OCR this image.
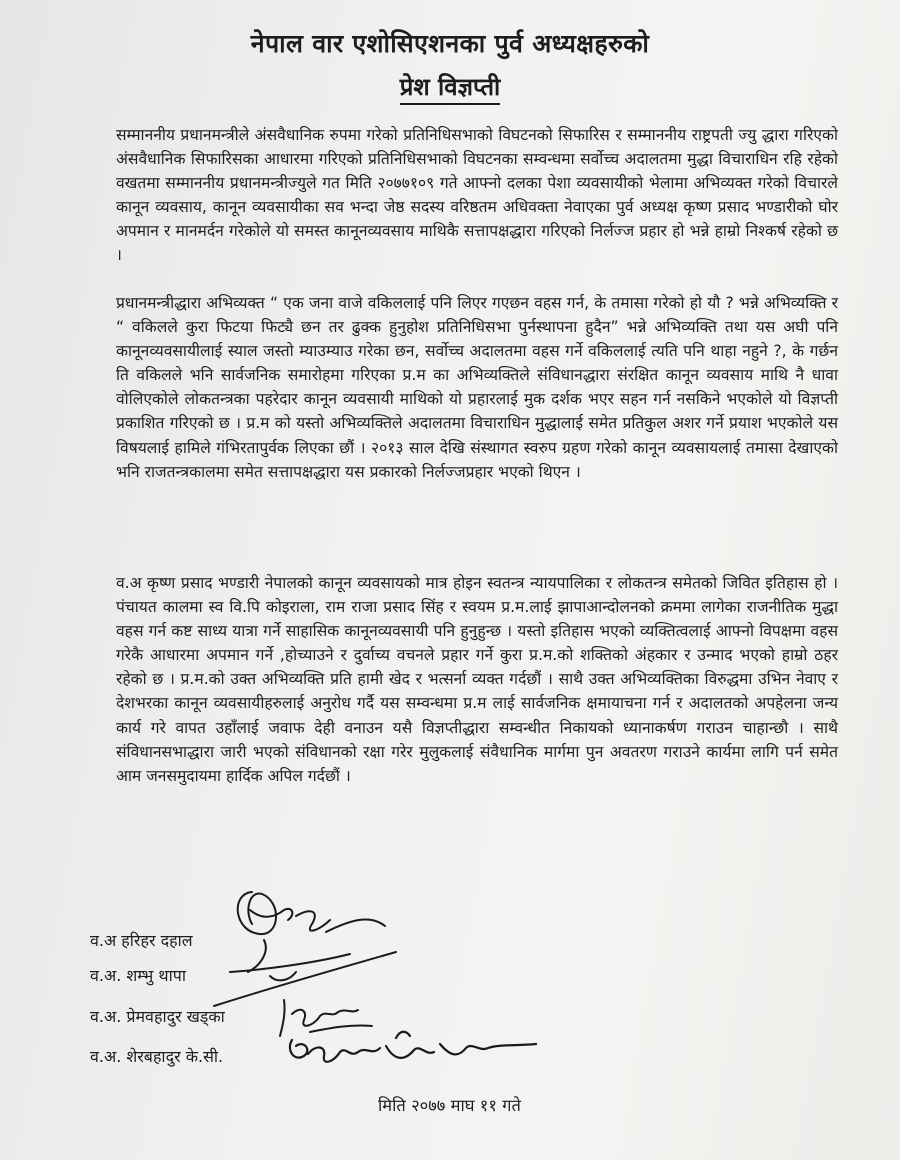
नेपाल वार एशोसिएशनका पुर्व अध्यक्षहरुको
प्रेश विज्ञप्ती

सम्माननीय प्रधानमन्त्रीले अंसवैधानिक रुपमा गरेको प्रतिनिधिसभाको विघटनको सिफारिस र सम्माननीय राष्ट्रपती ज्यु द्धारा गरिएको अंसवैधानिक सिफारिसका आधारमा गरिएको प्रतिनिधिसभाको विघटनका सम्वन्धमा सर्वोच्च अदालतमा मुद्धा विचाराधिन रहि रहेको वखतमा सम्माननीय प्रधानमन्त्रीज्युले गत मिति २०७७१०९ गते आफ्नो दलका पेशा व्यवसायीको भेलामा अभिव्यक्त गरेको विचारले कानून व्यवसाय, कानून व्यवसायीका सव भन्दा जेष्ठ सदस्य वरिष्ठतम अधिवक्ता नेवाएका पुर्व अध्यक्ष कृष्ण प्रसाद भण्डारीको घोर अपमान र मानमर्दन गरेकोले यो समस्त कानूनव्यवसाय माथिकै सत्तापक्षद्धारा गरिएको निर्लज्ज प्रहार हो भन्ने हाम्रो निश्कर्ष रहेको छ ।

प्रधानमन्त्रीद्धारा अभिव्यक्त “ एक जना वाजे वकिललाई पनि लिएर गएछन वहस गर्न, के तमासा गरेको हो यौ ? भन्ने अभिव्यक्ति र “ वकिलले कुरा फिटया फिट्यै छन तर ढुक्क हुनुहोश प्रतिनिधिसभा पुर्नस्थापना हुदैन” भन्ने अभिव्यक्ति तथा यस अघी पनि कानूनव्यवसायीलाई स्याल जस्तो म्याउम्याउ गरेका छन, सर्वोच्च अदालतमा वहस गर्ने वकिललाई त्यति पनि थाहा नहुने ?, के गर्छन ति वकिलले भनि सार्वजनिक समारोहमा गरिएका प्र.म का अभिव्यक्तिले संविधानद्धारा संरक्षित कानून व्यवसाय माथि नै धावा वोलिएकोले लोकतन्त्रका पहरेदार कानून व्यवसायी माथिको यो प्रहारलाई मुक दर्शक भएर सहन गर्न नसकिने भएकोले यो विज्ञप्ती प्रकाशित गरिएको छ । प्र.म को यस्तो अभिव्यक्तिले अदालतमा विचाराधिन मुद्धालाई समेत प्रतिकुल अशर गर्ने प्रयाश भएकोले यस विषयलाई हामिले गंभिरतापुर्वक लिएका छौं । २०१३ साल देखि संस्थागत स्वरुप ग्रहण गरेको कानून व्यवसायलाई तमासा देखाएको भनि राजतन्त्रकालमा समेत सत्तापक्षद्धारा यस प्रकारको निर्लज्जप्रहार भएको थिएन ।

व.अ कृष्ण प्रसाद भण्डारी नेपालको कानून व्यवसायको मात्र होइन स्वतन्त्र न्यायपालिका र लोकतन्त्र समेतको जिवित इतिहास हो । पंचायत कालमा स्व वि.पि कोइराला, राम राजा प्रसाद सिंह र स्वयम प्र.म.लाई झापाआन्दोलनको क्रममा लागेका राजनीतिक मुद्धा वहस गर्न कष्ट साध्य यात्रा गर्ने साहासिक कानूनव्यवसायी पनि हुनुहुन्छ । यस्तो इतिहास भएको व्यक्तित्वलाई आफ्नो विपक्षमा वहस गरेकै आधारमा अपमान गर्ने ,होच्याउने र दुर्वाच्य वचनले प्रहार गर्ने कुरा प्र.म.को शक्तिको अंहकार र उन्माद भएको हाम्रो ठहर रहेको छ । प्र.म.को उक्त अभिव्यक्ति प्रति हामी खेद र भत्सर्ना व्यक्त गर्दछौं । साथै उक्त अभिव्यक्तिका विरुद्धमा उभिन नेवाए र देशभरका कानून व्यवसायीहरुलाई अनुरोध गर्दै यस सम्वन्धमा प्र.म लाई सार्वजनिक क्षमायाचना गर्न र अदालतको अपहेलना जन्य कार्य गरे वापत उहाँलाई जवाफ देही वनाउन यसै विज्ञप्तीद्धारा सम्वन्धीत निकायको ध्यानाकर्षण गराउन चाहान्छौ । साथै संविधानसभाद्धारा जारी भएको संविधानको रक्षा गरेर मुलुकलाई संवैधानिक मार्गमा पुन अवतरण गराउने कार्यमा लागि पर्न समेत आम जनसमुदायमा हार्दिक अपिल गर्दछौं ।

व.अ हरिहर दहाल
व.अ. शम्भु थापा
व.अ. प्रेमवहादुर खड्का
व.अ. शेरबहादुर के.सी.
मिति २०७७ माघ ११ गते
